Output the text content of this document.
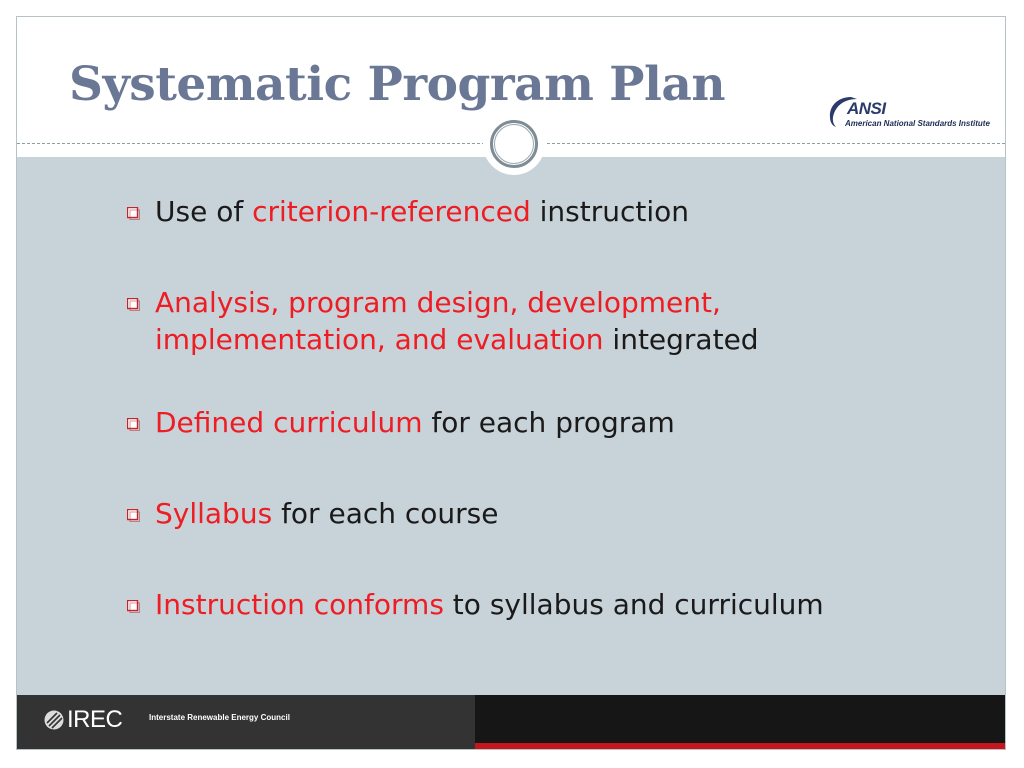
Systematic Program Plan	ANSI
American National Standards Institute
Use of criterion-referenced instruction
Analysis, program design, development, implementation, and evaluation integrated
Defined curriculum for each program
Syllabus for each course
Instruction conforms to syllabus and curriculum
IREC	Interstate Renewable Energy Council
